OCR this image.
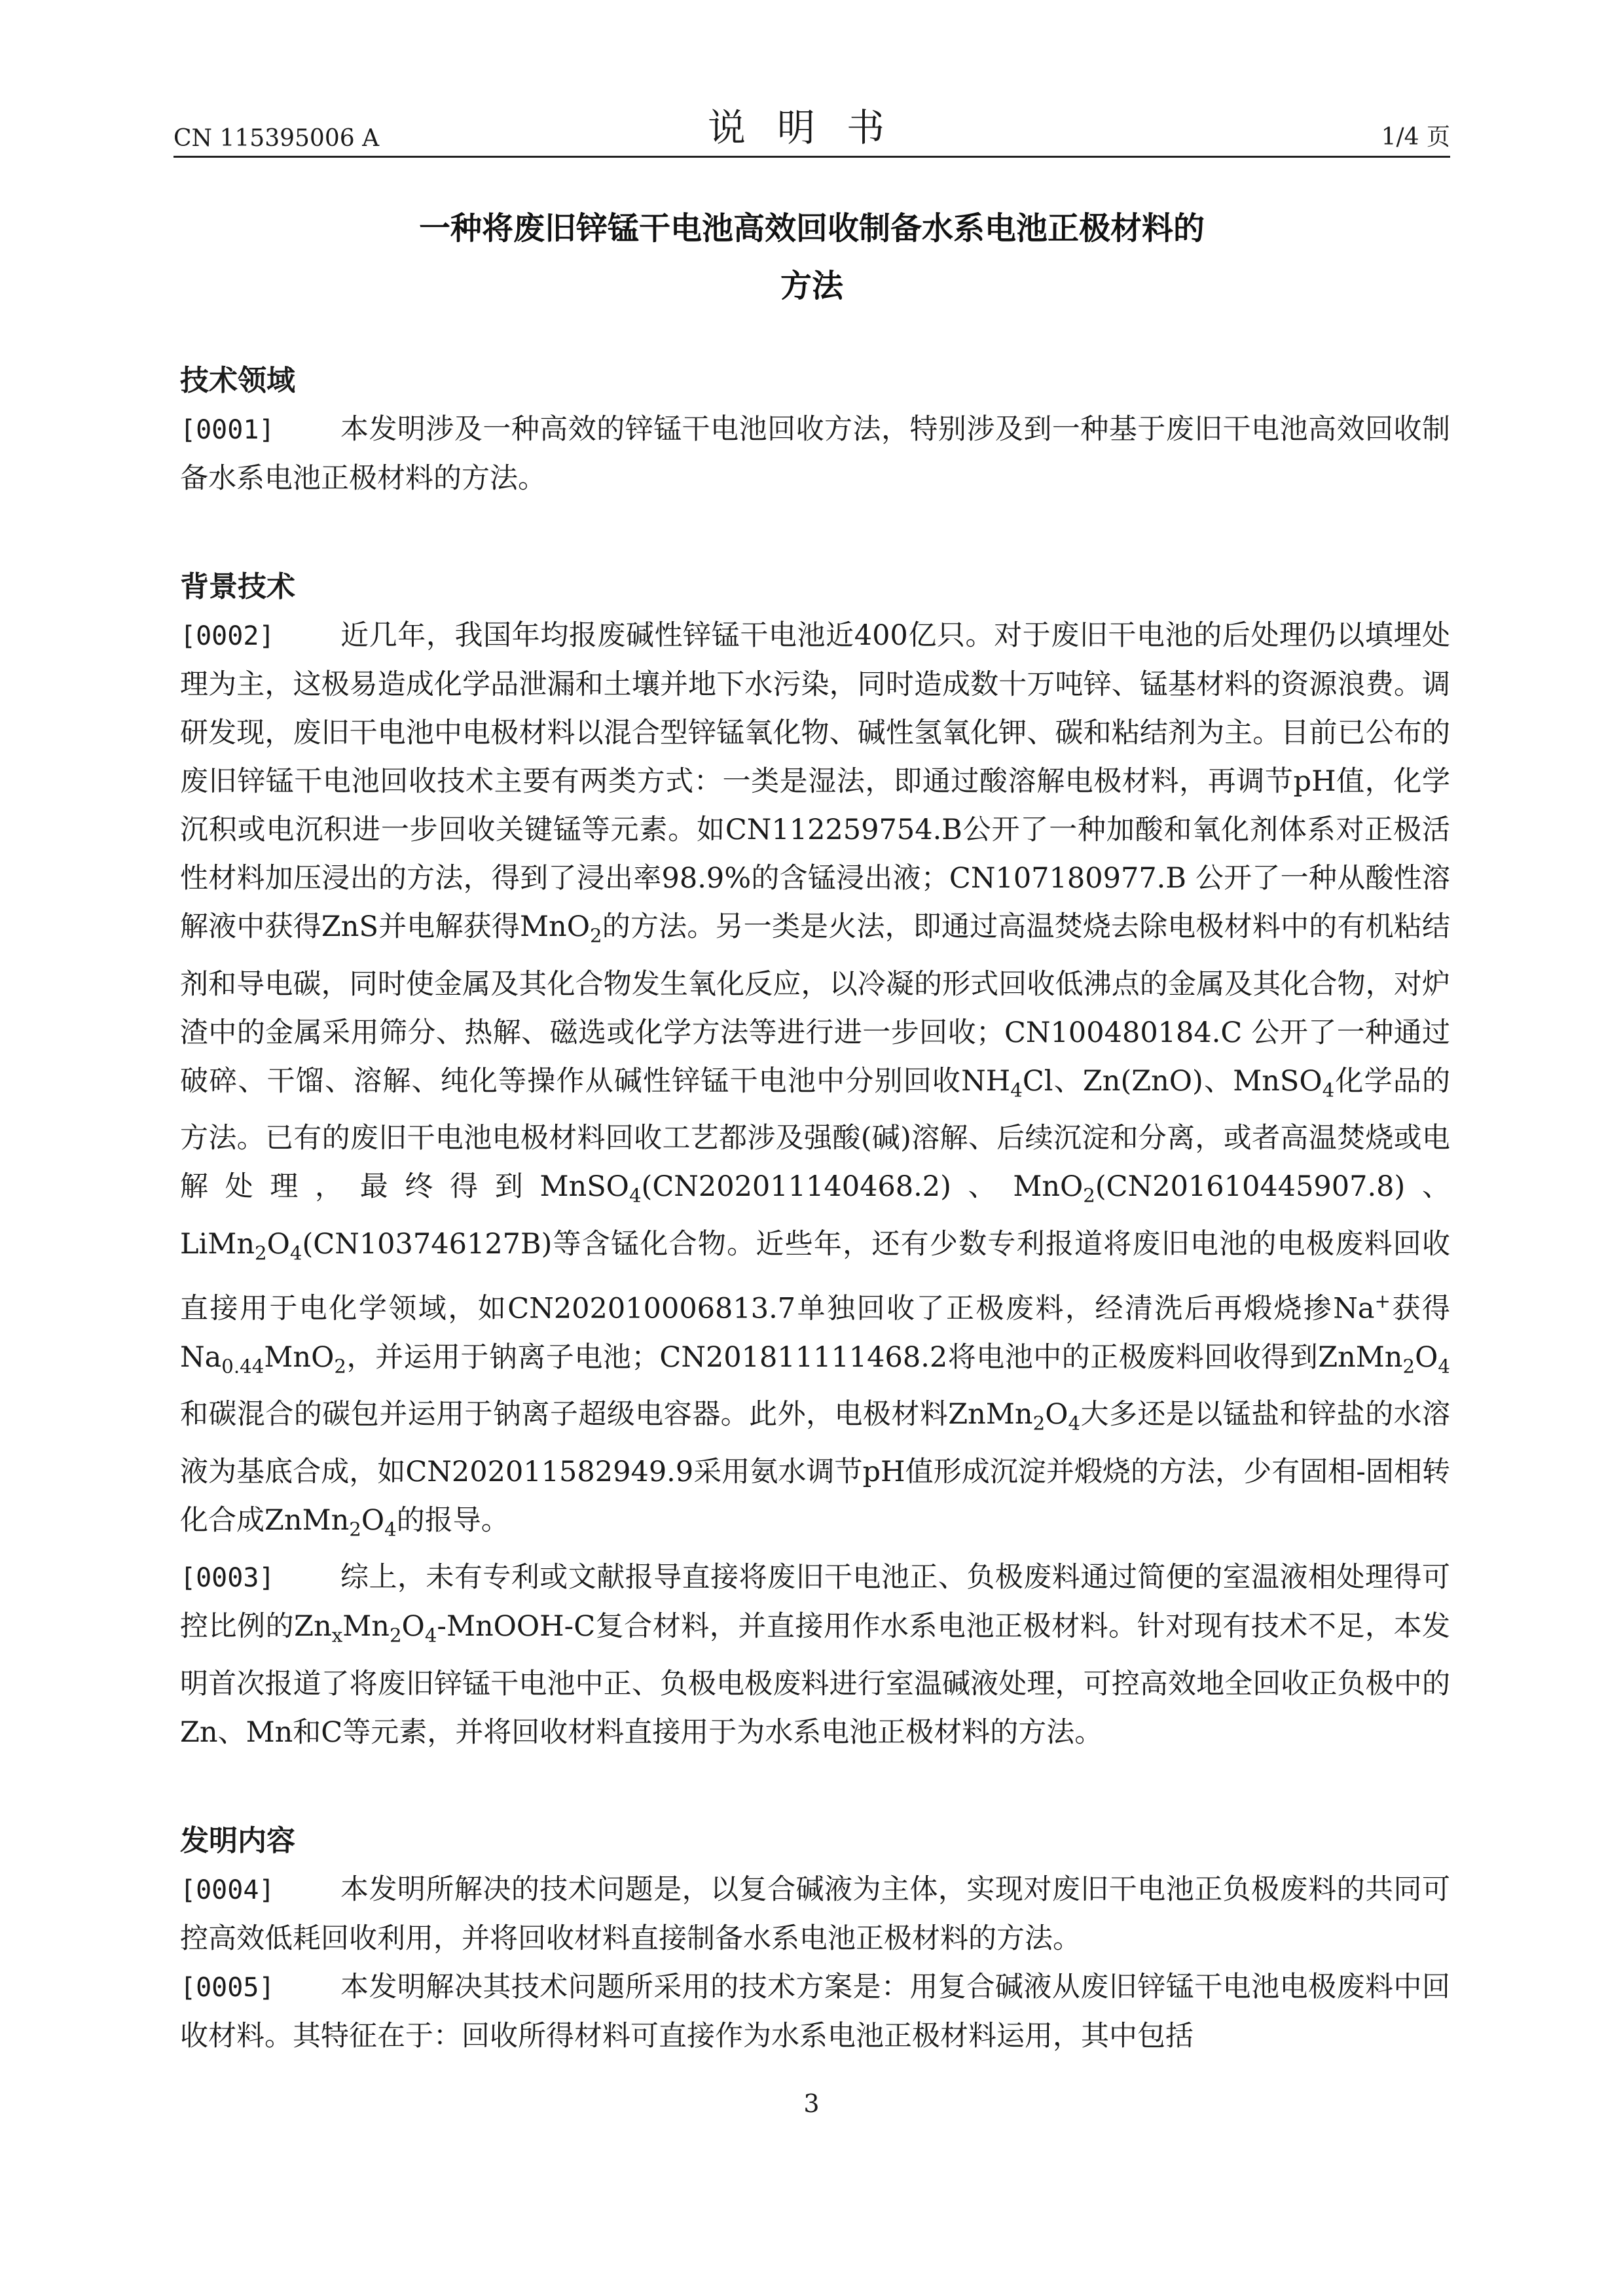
CN 115395006 A	说明书	1/4 页
一种将废旧锌锰干电池高效回收制备水系电池正极材料的
方法
技术领域
[0001] 本发明涉及一种高效的锌锰干电池回收方法，特别涉及到一种基于废旧干电池高效回收制备水系电池正极材料的方法。
背景技术
[0002] 近几年，我国年均报废碱性锌锰干电池近400亿只。对于废旧干电池的后处理仍以填埋处理为主，这极易造成化学品泄漏和土壤并地下水污染，同时造成数十万吨锌、锰基材料的资源浪费。调研发现，废旧干电池中电极材料以混合型锌锰氧化物、碱性氢氧化钾、碳和粘结剂为主。目前已公布的废旧锌锰干电池回收技术主要有两类方式：一类是湿法，即通过酸溶解电极材料，再调节pH值，化学沉积或电沉积进一步回收关键锰等元素。如CN112259754.B公开了一种加酸和氧化剂体系对正极活性材料加压浸出的方法，得到了浸出率98.9%的含锰浸出液；CN107180977.B 公开了一种从酸性溶解液中获得ZnS并电解获得MnO$_2$的方法。另一类是火法，即通过高温焚烧去除电极材料中的有机粘结剂和导电碳，同时使金属及其化合物发生氧化反应，以冷凝的形式回收低沸点的金属及其化合物，对炉渣中的金属采用筛分、热解、磁选或化学方法等进行进一步回收；CN100480184.C 公开了一种通过破碎、干馏、溶解、纯化等操作从碱性锌锰干电池中分别回收$NH_4Cl$、Zn(ZnO)、MnSO$_4$化学品的方法。已有的废旧干电池电极材料回收工艺都涉及强酸(碱)溶解、后续沉淀和分离，或者高温焚烧或电解处理，最终得到MnSO$_4$(CN202011140468.2)、MnO$_2$(CN201610445907.8)、$LiMn_2O_4(CN103746127B)$等含锰化合物。近些年，还有少数专利报道将废旧电池的电极废料回收直接用于电化学领域，如CN202010006813.7单独回收了正极废料，经清洗后再煅烧掺Na+获得$Na_{0.44}MnO_2$，并运用于钠离子电池；CN201811111468.2将电池中的正极废料回收得到$ZnMn_2O_4$和碳混合的碳包并运用于钠离子超级电容器。此外，电极材料$ZnMn_2O_4$大多还是以锰盐和锌盐的水溶液为基底合成，如CN202011582949.9采用氨水调节pH值形成沉淀并煅烧的方法，少有固相-固相转化合成$ZnMn_2O_4$的报导。
[0003] 综上，未有专利或文献报导直接将废旧干电池正、负极废料通过简便的室温液相处理得可控比例的$Zn_xMn_2O_4-MnOOH-C$复合材料，并直接用作水系电池正极材料。针对现有技术不足，本发明首次报道了将废旧锌锰干电池中正、负极电极废料进行室温碱液处理，可控高效地全回收正负极中的Zn、Mn和C等元素，并将回收材料直接用于为水系电池正极材料的方法。
发明内容
[0004] 本发明所解决的技术问题是，以复合碱液为主体，实现对废旧干电池正负极废料的共同可控高效低耗回收利用，并将回收材料直接制备水系电池正极材料的方法。
[0005] 本发明解决其技术问题所采用的技术方案是：用复合碱液从废旧锌锰干电池电极废料中回收材料。其特征在于：回收所得材料可直接作为水系电池正极材料运用，其中包括
3
